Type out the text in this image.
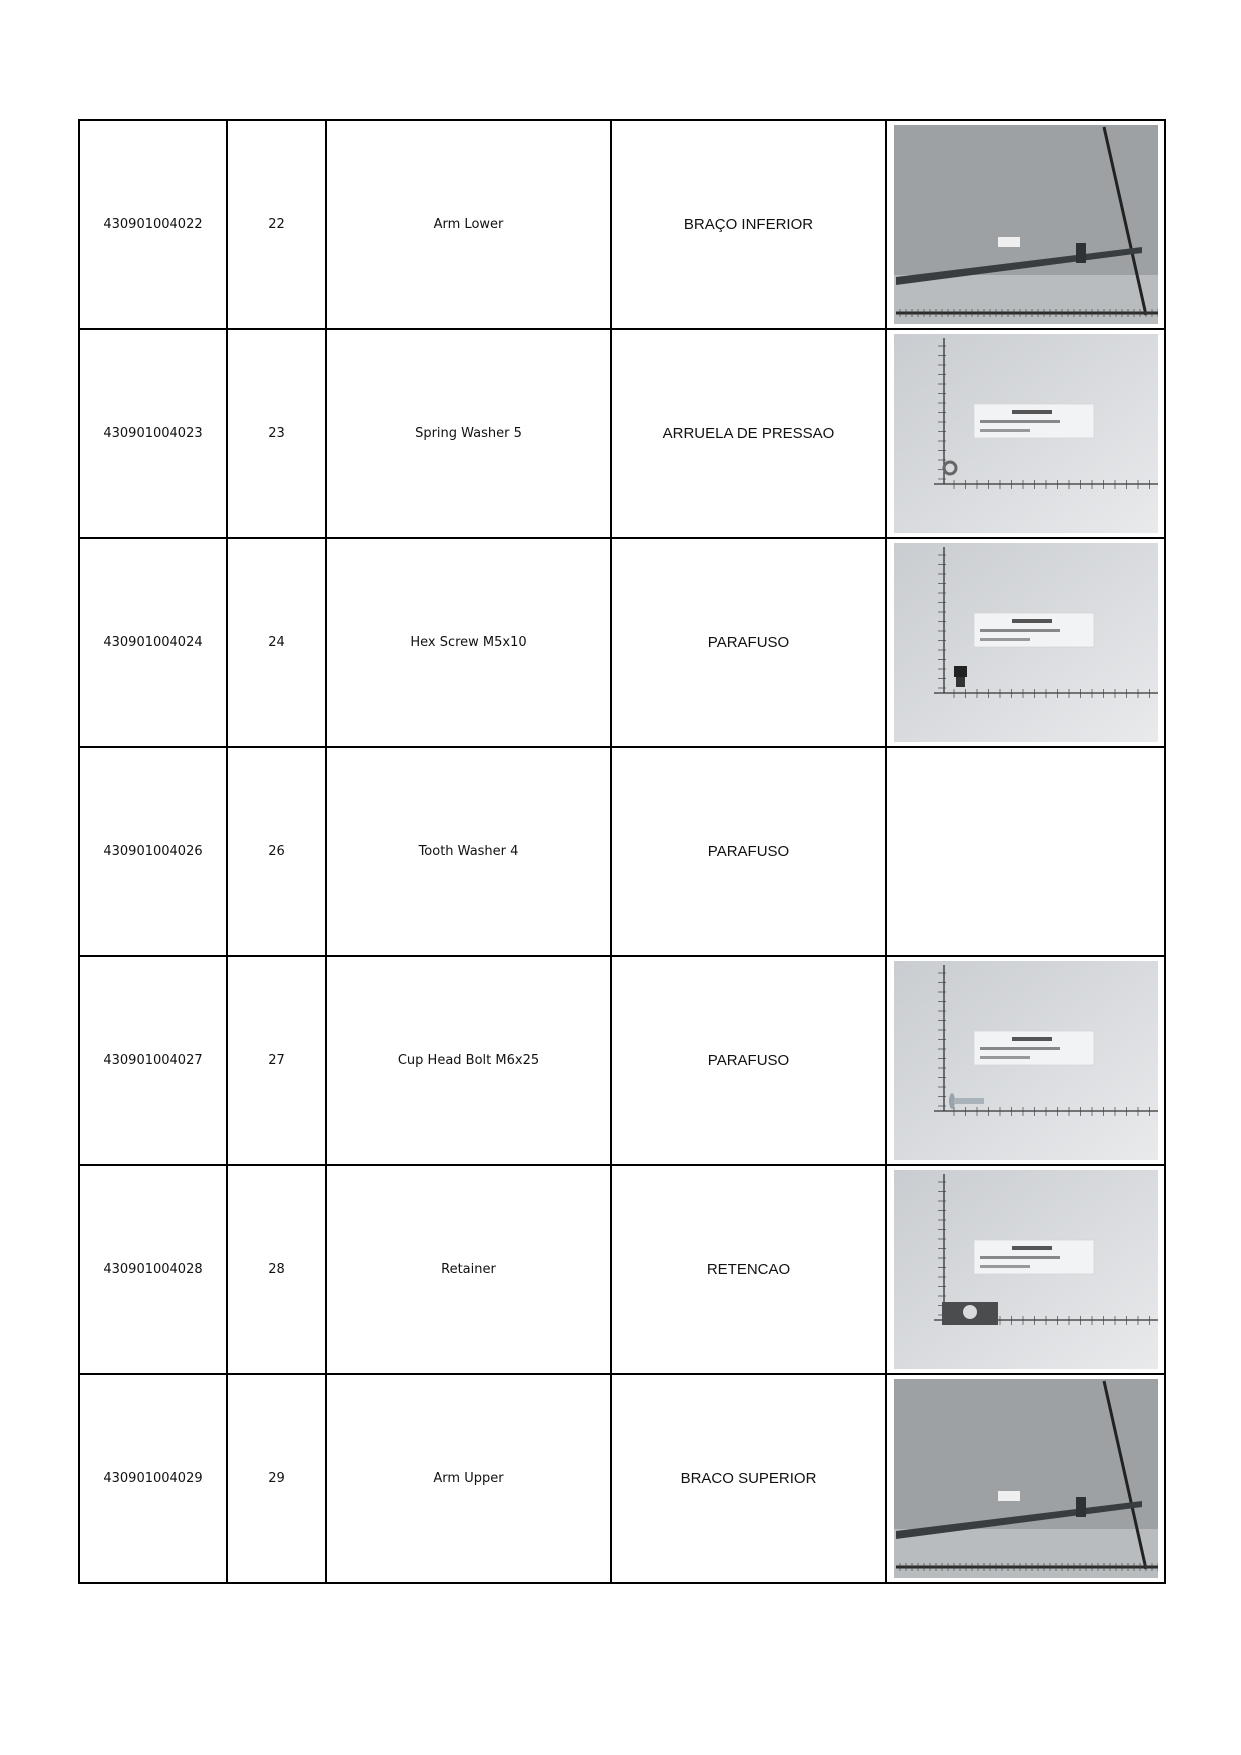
430901004022	22	Arm Lower	BRAÇO INFERIOR	

430901004023	23	Spring Washer 5	ARRUELA DE PRESSAO	

430901004024	24	Hex Screw M5x10	PARAFUSO	

430901004026	26	Tooth Washer 4	PARAFUSO	
430901004027	27	Cup Head Bolt M6x25	PARAFUSO	

430901004028	28	Retainer	RETENCAO	

430901004029	29	Arm Upper	BRACO SUPERIOR	
